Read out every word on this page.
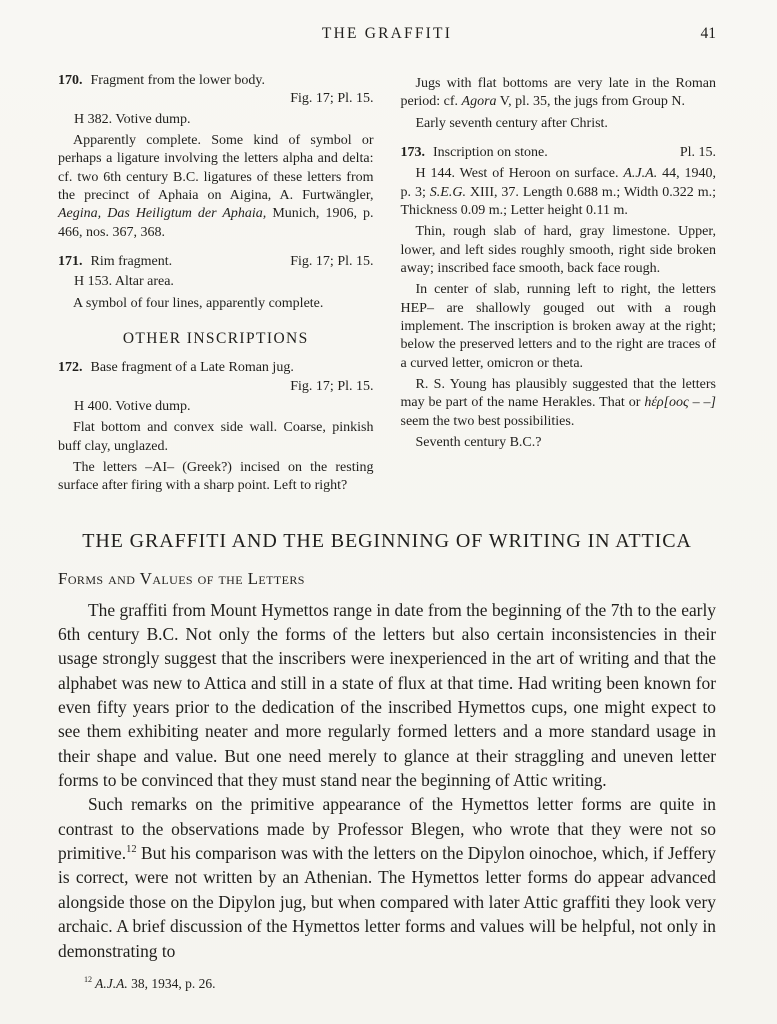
THE GRAFFITI	41
170. Fragment from the lower body.
Fig. 17; Pl. 15.
H 382. Votive dump.

Apparently complete. Some kind of symbol or perhaps a ligature involving the letters alpha and delta: cf. two 6th century B.C. ligatures of these letters from the precinct of Aphaia on Aigina, A. Furtwängler, Aegina, Das Heiligtum der Aphaia, Munich, 1906, p. 466, nos. 367, 368.

171. Rim fragment.	Fig. 17; Pl. 15.
H 153. Altar area.

A symbol of four lines, apparently complete.

OTHER INSCRIPTIONS
172. Base fragment of a Late Roman jug.
Fig. 17; Pl. 15.
H 400. Votive dump.

Flat bottom and convex side wall. Coarse, pinkish buff clay, unglazed.

The letters –AI– (Greek?) incised on the resting surface after firing with a sharp point. Left to right?

Jugs with flat bottoms are very late in the Roman period: cf. Agora V, pl. 35, the jugs from Group N.

Early seventh century after Christ.

173. Inscription on stone.	Pl. 15.

H 144. West of Heroon on surface. A.J.A. 44, 1940, p. 3; S.E.G. XIII, 37. Length 0.688 m.; Width 0.322 m.; Thickness 0.09 m.; Letter height 0.11 m.

Thin, rough slab of hard, gray limestone. Upper, lower, and left sides roughly smooth, right side broken away; inscribed face smooth, back face rough.

In center of slab, running left to right, the letters HEP– are shallowly gouged out with a rough implement. The inscription is broken away at the right; below the preserved letters and to the right are traces of a curved letter, omicron or theta.

R. S. Young has plausibly suggested that the letters may be part of the name Herakles. That or hέρ[οος – –] seem the two best possibilities.

Seventh century B.C.?

THE GRAFFITI AND THE BEGINNING OF WRITING IN ATTICA
Forms and Values of the Letters

The graffiti from Mount Hymettos range in date from the beginning of the 7th to the early 6th century B.C. Not only the forms of the letters but also certain inconsistencies in their usage strongly suggest that the inscribers were inexperienced in the art of writing and that the alphabet was new to Attica and still in a state of flux at that time. Had writing been known for even fifty years prior to the dedication of the inscribed Hymettos cups, one might expect to see them exhibiting neater and more regularly formed letters and a more standard usage in their shape and value. But one need merely to glance at their straggling and uneven letter forms to be convinced that they must stand near the beginning of Attic writing.

Such remarks on the primitive appearance of the Hymettos letter forms are quite in contrast to the observations made by Professor Blegen, who wrote that they were not so primitive.$^{12}$ But his comparison was with the letters on the Dipylon oinochoe, which, if Jeffery is correct, were not written by an Athenian. The Hymettos letter forms do appear advanced alongside those on the Dipylon jug, but when compared with later Attic graffiti they look very archaic. A brief discussion of the Hymettos letter forms and values will be helpful, not only in demonstrating to

$^{12}$ A.J.A. 38, 1934, p. 26.
